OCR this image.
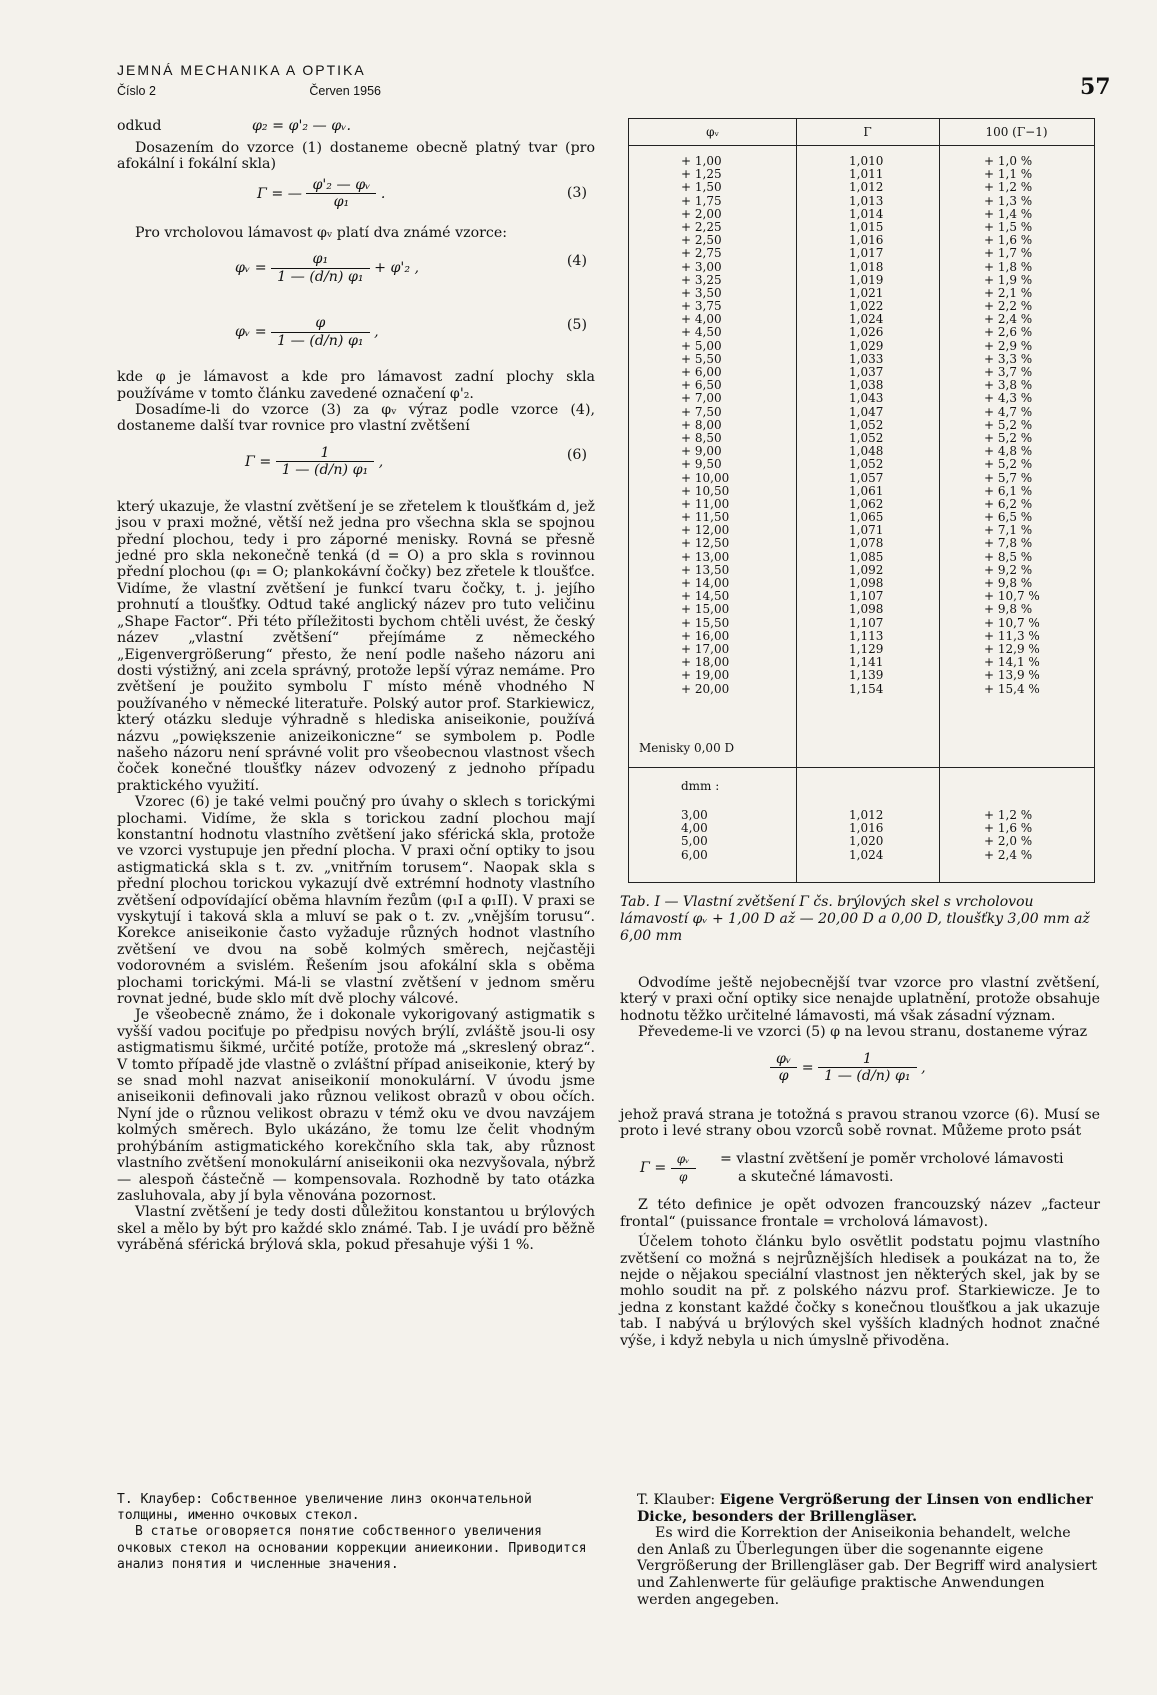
JEMNÁ MECHANIKA A OPTIKA
Číslo 2	Červen 1956	57
odkud	φ₂ = φ'₂ — φᵥ.

Dosazením do vzorce (1) dostaneme obecně platný tvar (pro afokální i fokální skla)

Γ = — $\frac{\text{φ'₂ — φᵥ}}{\text{φ₁}}$ .	(3)

Pro vrcholovou lámavost φᵥ platí dva známé vzorce:

φᵥ = $\frac{\text{φ₁}}{\text{1 — (d/n) φ₁}} + \varphi'_2$ ,	(4)
φᵥ = $\frac{\varphi}{\text{1 — (d/n) φ₁}}$ ,	(5)

kde φ je lámavost a kde pro lámavost zadní plochy skla používáme v tomto článku zavedené označení φ'₂.

Dosadíme-li do vzorce (3) za φᵥ výraz podle vzorce (4), dostaneme další tvar rovnice pro vlastní zvětšení

$\Gamma = \frac{1}{\text{1 — (d/n) φ₁}}$ ,	(6)

který ukazuje, že vlastní zvětšení je se zřetelem k tloušťkám d, jež jsou v praxi možné, větší než jedna pro všechna skla se spojnou přední plochou, tedy i pro záporné menisky. Rovná se přesně jedné pro skla nekonečně tenká (d = O) a pro skla s rovinnou přední plochou (φ₁ = O; plankokávní čočky) bez zřetele k tloušťce. Vidíme, že vlastní zvětšení je funkcí tvaru čočky, t. j. jejího prohnutí a tloušťky. Odtud také anglický název pro tuto veličinu „Shape Factor“. Při této příležitosti bychom chtěli uvést, že český název „vlastní zvětšení“ přejímáme z německého „Eigenvergrößerung“ přesto, že není podle našeho názoru ani dosti výstižný, ani zcela správný, protože lepší výraz nemáme. Pro zvětšení je použito symbolu Γ místo méně vhodného N používaného v německé literatuře. Polský autor prof. Starkiewicz, který otázku sleduje výhradně s hlediska aniseikonie, používá názvu „powiększenie anizeikoniczne“ se symbolem p. Podle našeho názoru není správné volit pro všeobecnou vlastnost všech čoček konečné tloušťky název odvozený z jednoho případu praktického využití.

Vzorec (6) je také velmi poučný pro úvahy o sklech s torickými plochami. Vidíme, že skla s torickou zadní plochou mají konstantní hodnotu vlastního zvětšení jako sférická skla, protože ve vzorci vystupuje jen přední plocha. V praxi oční optiky to jsou astigmatická skla s t. zv. „vnitřním torusem“. Naopak skla s přední plochou torickou vykazují dvě extrémní hodnoty vlastního zvětšení odpovídající oběma hlavním řezům (φ₁I a φ₁II). V praxi se vyskytují i taková skla a mluví se pak o t. zv. „vnějším torusu“. Korekce aniseikonie často vyžaduje různých hodnot vlastního zvětšení ve dvou na sobě kolmých směrech, nejčastěji vodorovném a svislém. Řešením jsou afokální skla s oběma plochami torickými. Má-li se vlastní zvětšení v jednom směru rovnat jedné, bude sklo mít dvě plochy válcové.

Je všeobecně známo, že i dokonale vykorigovaný astigmatik s vyšší vadou pociťuje po předpisu nových brýlí, zvláště jsou-li osy astigmatismu šikmé, určité potíže, protože má „skreslený obraz“. V tomto případě jde vlastně o zvláštní případ aniseikonie, který by se snad mohl nazvat aniseikonií monokulární. V úvodu jsme aniseikonii definovali jako různou velikost obrazů v obou očích. Nyní jde o různou velikost obrazu v témž oku ve dvou navzájem kolmých směrech. Bylo ukázáno, že tomu lze čelit vhodným prohýbáním astigmatického korekčního skla tak, aby různost vlastního zvětšení monokulární aniseikonii oka nezvyšovala, nýbrž — alespoň částečně — kompensovala. Rozhodně by tato otázka zasluhovala, aby jí byla věnována pozornost.

Vlastní zvětšení je tedy dosti důležitou konstantou u brýlových skel a mělo by být pro každé sklo známé. Tab. I je uvádí pro běžně vyráběná sférická brýlová skla, pokud přesahuje výši 1 %.

φᵥ	Γ	100 (Γ−1)
+ 1,00	1,010	+ 1,0 %
+ 1,25	1,011	+ 1,1 %
+ 1,50	1,012	+ 1,2 %
+ 1,75	1,013	+ 1,3 %
+ 2,00	1,014	+ 1,4 %
+ 2,25	1,015	+ 1,5 %
+ 2,50	1,016	+ 1,6 %
+ 2,75	1,017	+ 1,7 %
+ 3,00	1,018	+ 1,8 %
+ 3,25	1,019	+ 1,9 %
+ 3,50	1,021	+ 2,1 %
+ 3,75	1,022	+ 2,2 %
+ 4,00	1,024	+ 2,4 %
+ 4,50	1,026	+ 2,6 %
+ 5,00	1,029	+ 2,9 %
+ 5,50	1,033	+ 3,3 %
+ 6,00	1,037	+ 3,7 %
+ 6,50	1,038	+ 3,8 %
+ 7,00	1,043	+ 4,3 %
+ 7,50	1,047	+ 4,7 %
+ 8,00	1,052	+ 5,2 %
+ 8,50	1,052	+ 5,2 %
+ 9,00	1,048	+ 4,8 %
+ 9,50	1,052	+ 5,2 %
+ 10,00	1,057	+ 5,7 %
+ 10,50	1,061	+ 6,1 %
+ 11,00	1,062	+ 6,2 %
+ 11,50	1,065	+ 6,5 %
+ 12,00	1,071	+ 7,1 %
+ 12,50	1,078	+ 7,8 %
+ 13,00	1,085	+ 8,5 %
+ 13,50	1,092	+ 9,2 %
+ 14,00	1,098	+ 9,8 %
+ 14,50	1,107	+ 10,7 %
+ 15,00	1,098	+ 9,8 %
+ 15,50	1,107	+ 10,7 %
+ 16,00	1,113	+ 11,3 %
+ 17,00	1,129	+ 12,9 %
+ 18,00	1,141	+ 14,1 %
+ 19,00	1,139	+ 13,9 %
+ 20,00	1,154	+ 15,4 %
Menisky 0,00 D
dmm :
3,00	1,012	+ 1,2 %
4,00	1,016	+ 1,6 %
5,00	1,020	+ 2,0 %
6,00	1,024	+ 2,4 %
Tab. I — Vlastní zvětšení Γ čs. brýlových skel s vrcholovou lámavostí φᵥ + 1,00 D až — 20,00 D a 0,00 D, tloušťky 3,00 mm až 6,00 mm

Odvodíme ještě nejobecnější tvar vzorce pro vlastní zvětšení, který v praxi oční optiky sice nenajde uplatnění, protože obsahuje hodnotu těžko určitelné lámavosti, má však zásadní význam.

Převedeme-li ve vzorci (5) φ na levou stranu, dostaneme výraz

$\frac{\text{φᵥ}}{\varphi} = \frac{1}{\text{1 — (d/n) φ₁}}$ ,

jehož pravá strana je totožná s pravou stranou vzorce (6). Musí se proto i levé strany obou vzorců sobě rovnat. Můžeme proto psát

$\Gamma = \frac{\text{φᵥ}}{\varphi}$ = vlastní zvětšení je poměr vrcholové lámavosti
a skutečné lámavosti.

Z této definice je opět odvozen francouzský název „facteur frontal“ (puissance frontale = vrcholová lámavost).

Účelem tohoto článku bylo osvětlit podstatu pojmu vlastního zvětšení co možná s nejrůznějších hledisek a poukázat na to, že nejde o nějakou speciální vlastnost jen některých skel, jak by se mohlo soudit na př. z polského názvu prof. Starkiewicze. Je to jedna z konstant každé čočky s konečnou tloušťkou a jak ukazuje tab. I nabývá u brýlových skel vyšších kladných hodnot značné výše, i když nebyla u nich úmyslně přivoděna.

Т. Клаубер: Собственное увеличение линз окончательной толщины, именно очковых стекол.
В статье оговоряется понятие собственного увеличения очковых стекол на основании коррекции аниеиконии. Приводится анализ понятия и численные значения.
T. Klauber: Eigene Vergrößerung der Linsen von endlicher Dicke, besonders der Brillengläser.
Es wird die Korrektion der Aniseikonia behandelt, welche den Anlaß zu Überlegungen über die sogenannte eigene Vergrößerung der Brillengläser gab. Der Begriff wird analysiert und Zahlenwerte für geläufige praktische Anwendungen werden angegeben.
